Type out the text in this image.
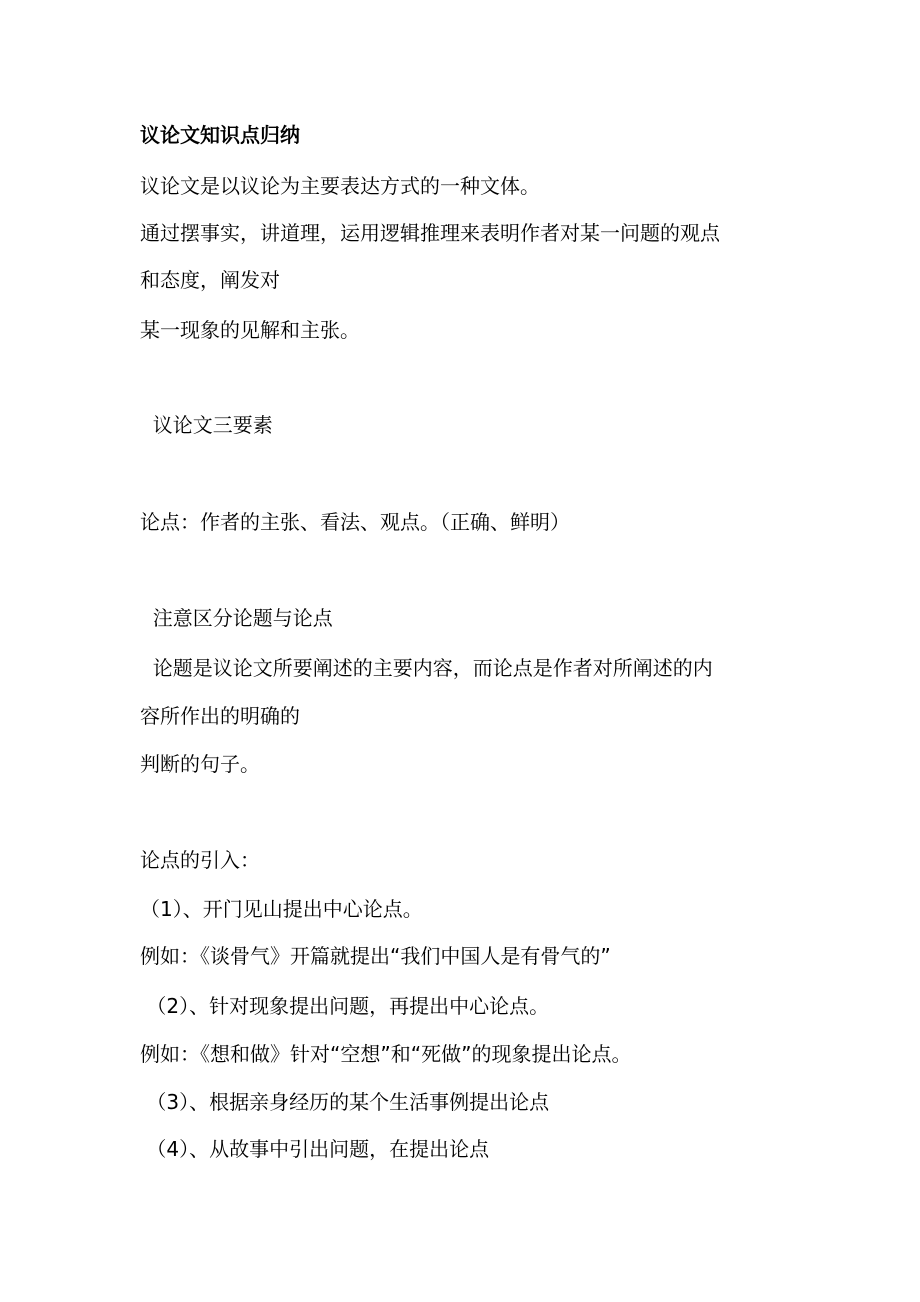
议论文知识点归纳
议论文是以议论为主要表达方式的一种文体。
通过摆事实，讲道理，运用逻辑推理来表明作者对某一问题的观点
和态度，阐发对
某一现象的见解和主张。
议论文三要素
论点：作者的主张、看法、观点。（正确、鲜明）
注意区分论题与论点
论题是议论文所要阐述的主要内容，而论点是作者对所阐述的内
容所作出的明确的
判断的句子。
论点的引入：
（1）、开门见山提出中心论点。
例如：《谈骨气》开篇就提出“我们中国人是有骨气的”
（2）、针对现象提出问题，再提出中心论点。
例如：《想和做》针对“空想”和“死做”的现象提出论点。
（3）、根据亲身经历的某个生活事例提出论点
（4）、从故事中引出问题，在提出论点
